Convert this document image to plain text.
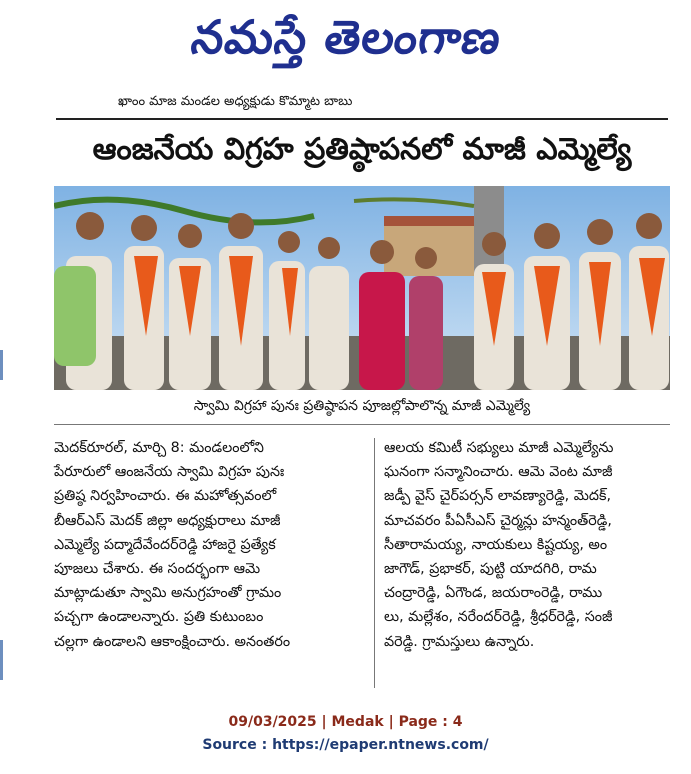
నమస్తే తెలంగాణ
ఖాంం మాజ మండల అధ్యక్షుడు కొమ్మాట బాబు
ఆంజనేయ విగ్రహ ప్రతిష్ఠాపనలో మాజీ ఎమ్మెల్యే
స్వామి విగ్రహా పునః ప్రతిష్ఠాపన పూజల్లోపాలొన్న మాజీ ఎమ్మెల్యే
మెదక్‌రూరల్, మార్చి 8: మండలంలోని
పేరూరులో ఆంజనేయ స్వామి విగ్రహ పునః
ప్రతిష్ఠ నిర్వహించారు. ఈ మహోత్సవంలో
బీఆర్‌ఎస్ మెదక్ జిల్లా అధ్యక్షురాలు మాజీ
ఎమ్మెల్యే పద్మాదేవేందర్‌రెడ్డి హాజరై ప్రత్యేక
పూజలు చేశారు. ఈ సందర్భంగా ఆమె
మాట్లాడుతూ స్వామి అనుగ్రహంతో గ్రామం
పచ్చగా ఉండాలన్నారు. ప్రతి కుటుంబం
చల్లగా ఉండాలని ఆకాంక్షించారు. అనంతరం
ఆలయ కమిటీ సభ్యులు మాజీ ఎమ్మెల్యేను
ఘనంగా సన్మానించారు. ఆమె వెంట మాజీ
జడ్పీ వైస్ చైర్‌పర్సన్ లావణ్యారెడ్డి, మెదక్,
మాచవరం పీఏసీఎస్ చైర్మన్లు హన్మంత్‌రెడ్డి,
సీతారామయ్య, నాయకులు కిష్టయ్య, అం
జాగౌడ్, ప్రభాకర్, పుట్టి యాదగిరి, రామ
చంద్రారెడ్డి, ఏగౌండ, జయరాంరెడ్డి, రాము
లు, మల్లేశం, నరేందర్‌రెడ్డి, శ్రీధర్‌రెడ్డి, సంజీ
వరెడ్డి. గ్రామస్తులు ఉన్నారు.
09/03/2025 | Medak | Page : 4
Source : https://epaper.ntnews.com/
